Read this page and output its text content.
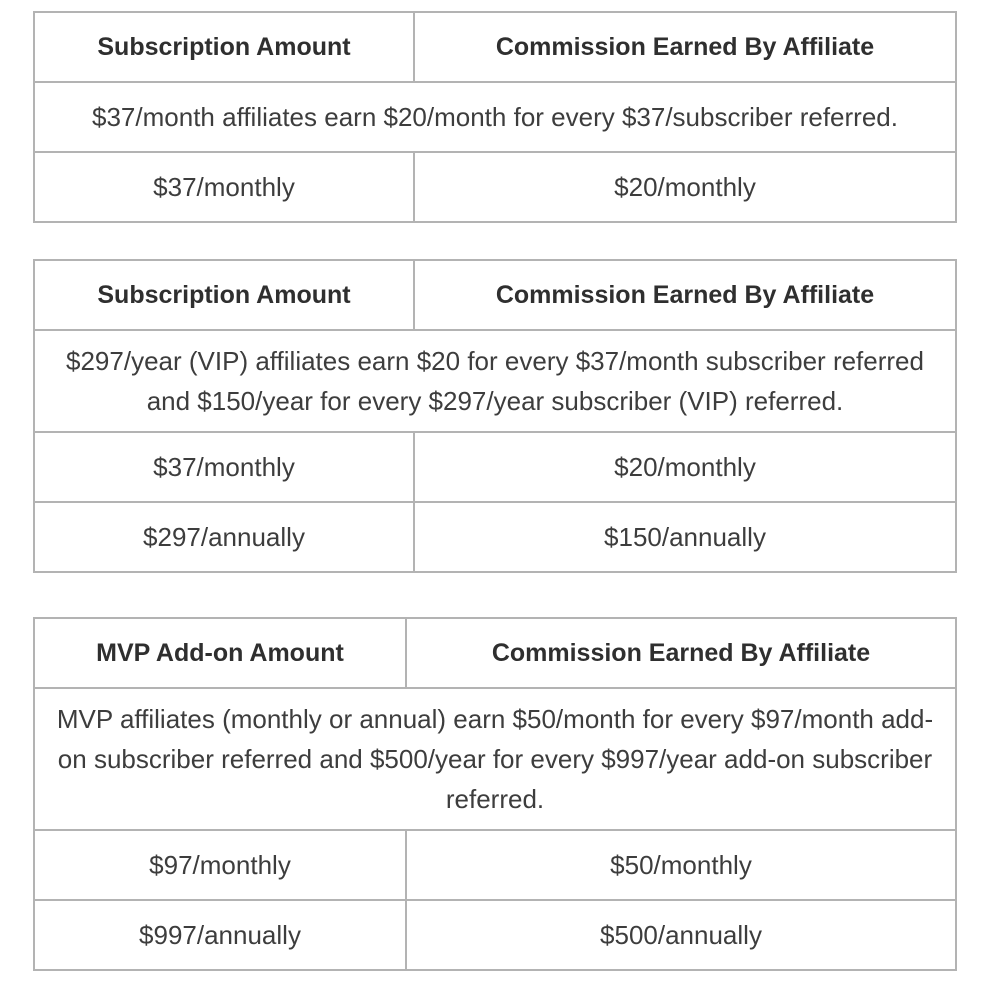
Subscription Amount	Commission Earned By Affiliate
$37/month affiliates earn $20/month for every $37/subscriber referred.	
$37/monthly	$20/monthly
Subscription Amount	Commission Earned By Affiliate
$297/year (VIP) affiliates earn $20 for every $37/month subscriber referred and $150/year for every $297/year subscriber (VIP) referred.	
$37/monthly	$20/monthly
$297/annually	$150/annually
MVP Add-on Amount	Commission Earned By Affiliate
MVP affiliates (monthly or annual) earn $50/month for every $97/month add-on subscriber referred and $500/year for every $997/year add-on subscriber referred.	
$97/monthly	$50/monthly
$997/annually	$500/annually
